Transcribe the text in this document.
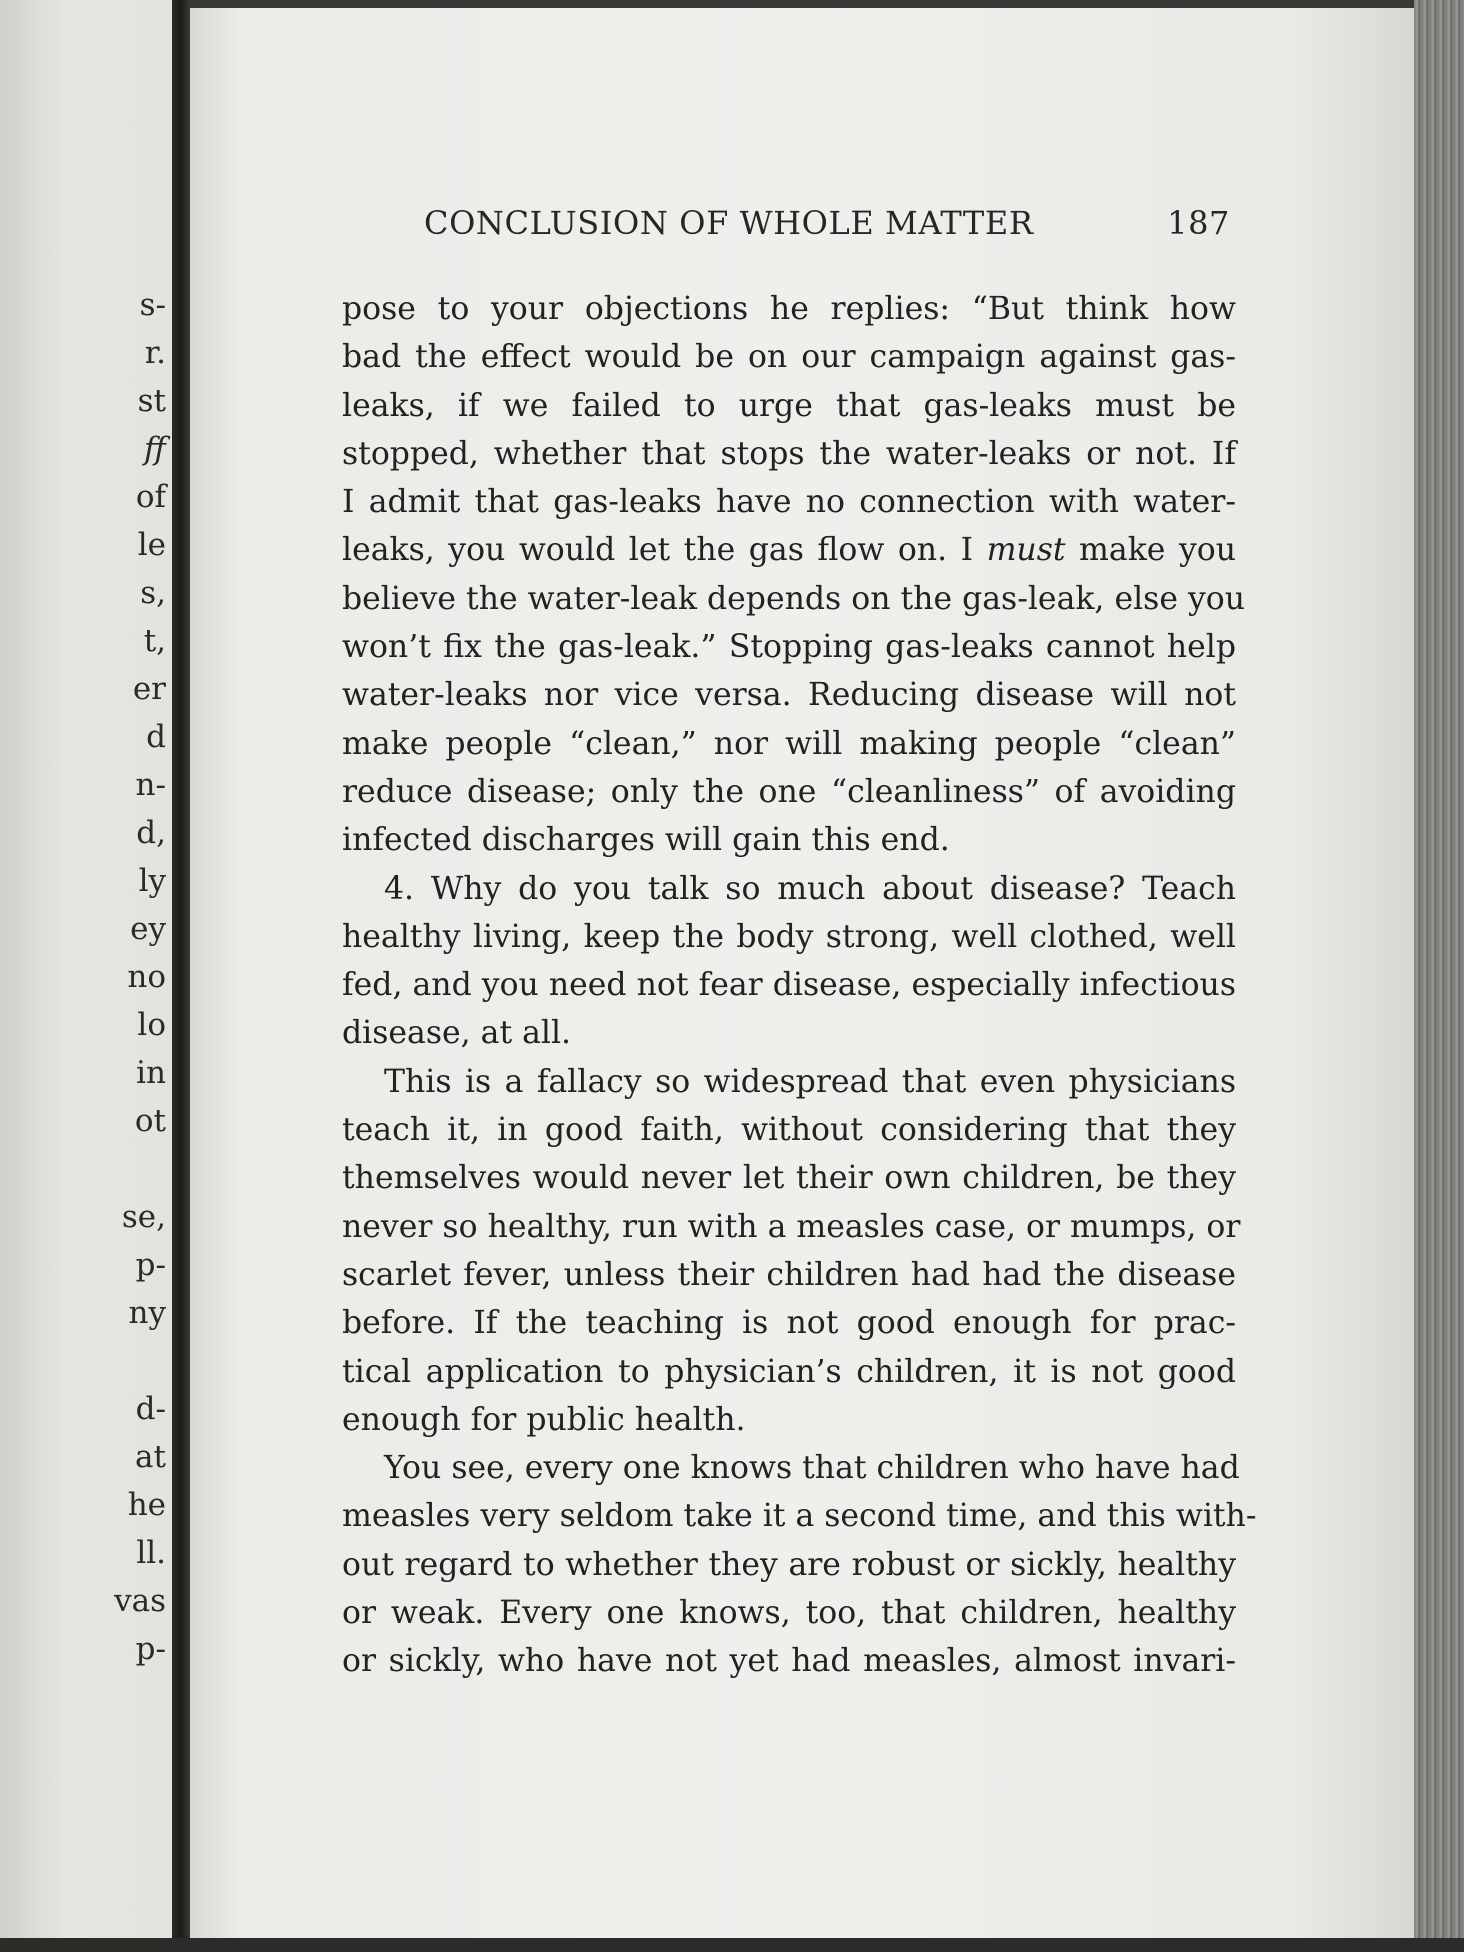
s-

r.

st

ff

of

le

s,

t,

er

d

n-

d,

ly

ey

no

lo

in

ot

se,

p-

ny

d-

at

he

ll.

vas

p-

CONCLUSION OF WHOLE MATTER	187
pose to your objections he replies: “But think how
bad the effect would be on our campaign against gas-
leaks, if we failed to urge that gas-leaks must be
stopped, whether that stops the water-leaks or not. If
I admit that gas-leaks have no connection with water-
leaks, you would let the gas flow on. I must make you
believe the water-leak depends on the gas-leak, else you
won’t fix the gas-leak.” Stopping gas-leaks cannot help
water-leaks nor vice versa. Reducing disease will not
make people “clean,” nor will making people “clean”
reduce disease; only the one “cleanliness” of avoiding
infected discharges will gain this end.
4. Why do you talk so much about disease? Teach
healthy living, keep the body strong, well clothed, well
fed, and you need not fear disease, especially infectious
disease, at all.
This is a fallacy so widespread that even physicians
teach it, in good faith, without considering that they
themselves would never let their own children, be they
never so healthy, run with a measles case, or mumps, or
scarlet fever, unless their children had had the disease
before. If the teaching is not good enough for prac-
tical application to physician’s children, it is not good
enough for public health.
You see, every one knows that children who have had
measles very seldom take it a second time, and this with-
out regard to whether they are robust or sickly, healthy
or weak. Every one knows, too, that children, healthy
or sickly, who have not yet had measles, almost invari-
